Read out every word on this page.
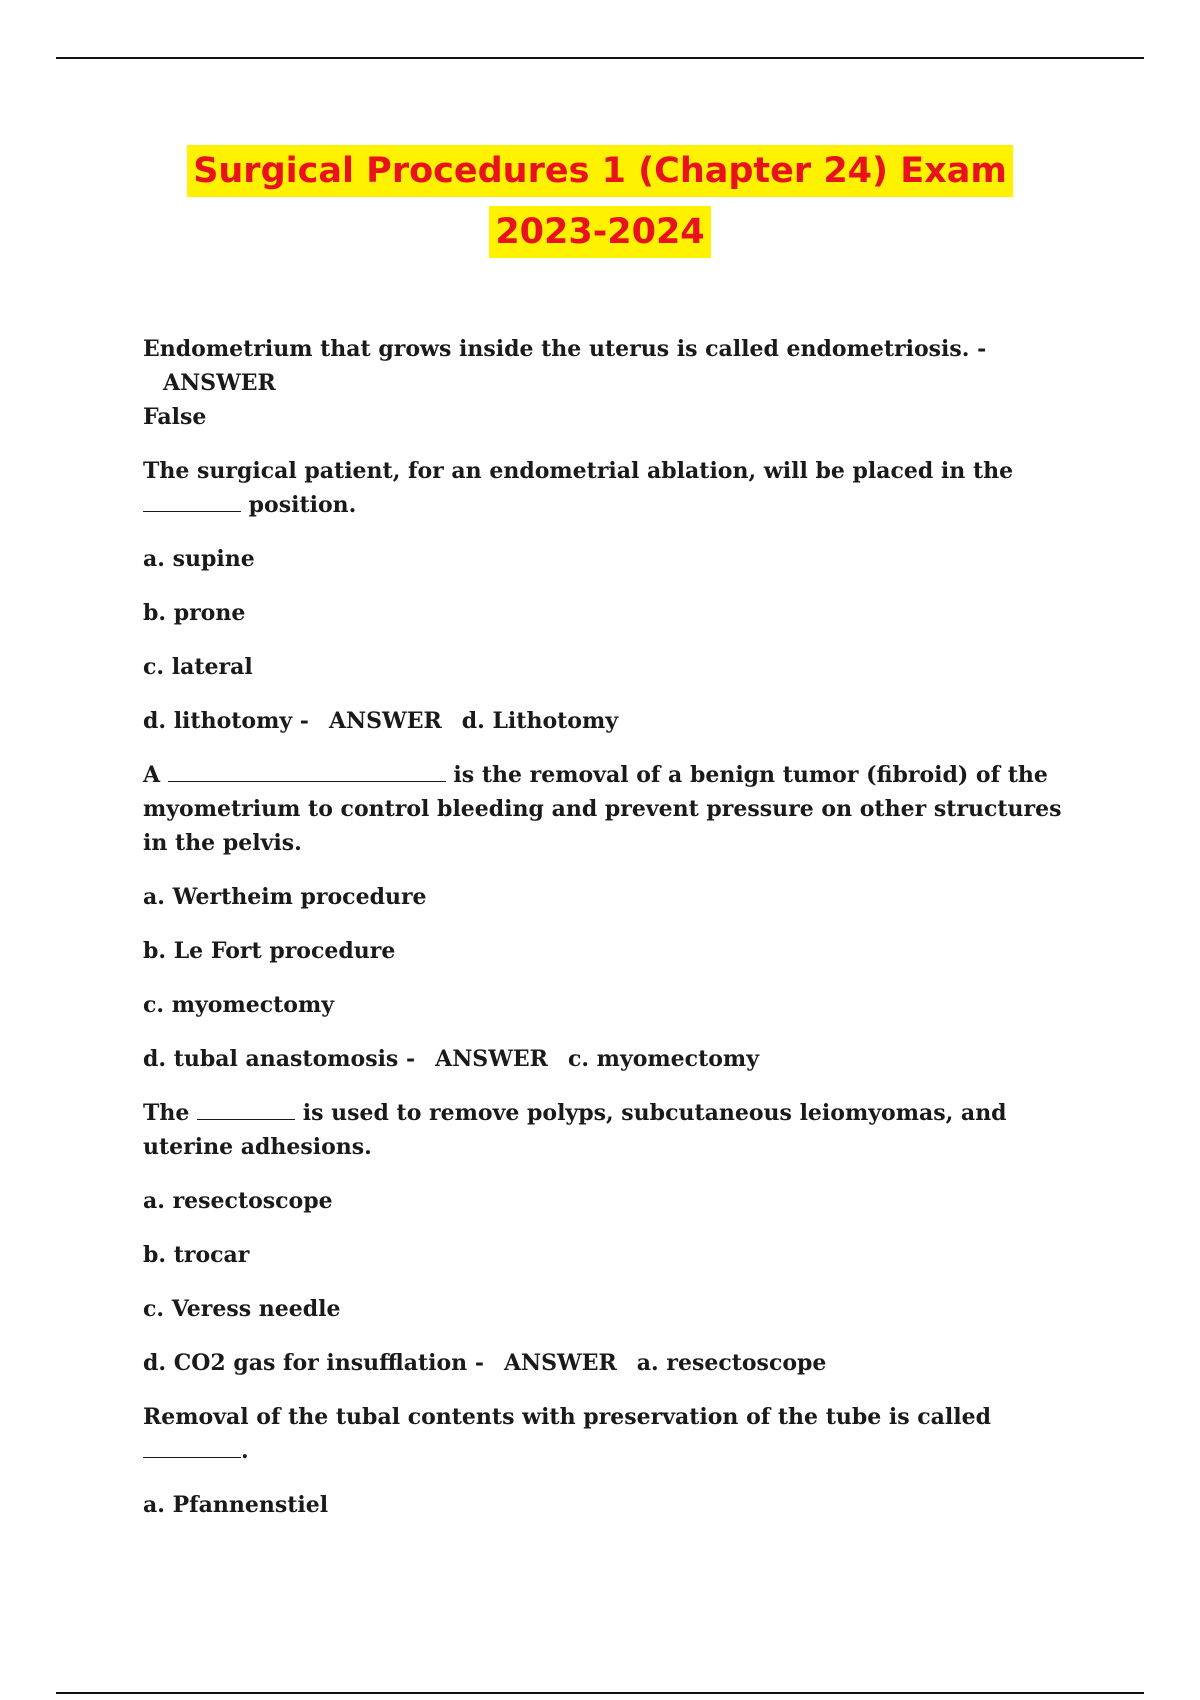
Surgical Procedures 1 (Chapter 24) Exam
2023-2024

Endometrium that grows inside the uterus is called endometriosis. -ANSWER
False

The surgical patient, for an endometrial ablation, will be placed in the  position.

a. supine

b. prone

c. lateral

d. lithotomy - ANSWER d. Lithotomy

A	is the removal of a benign tumor (fibroid) of the myometrium to control bleeding and prevent pressure on other structures in the pelvis.

a. Wertheim procedure

b. Le Fort procedure

c. myomectomy

d. tubal anastomosis - ANSWER c. myomectomy

The	is used to remove polyps, subcutaneous leiomyomas, and uterine adhesions.

a. resectoscope

b. trocar

c. Veress needle

d. CO2 gas for insufflation - ANSWER a. resectoscope

Removal of the tubal contents with preservation of the tube is called .

a. Pfannenstiel
